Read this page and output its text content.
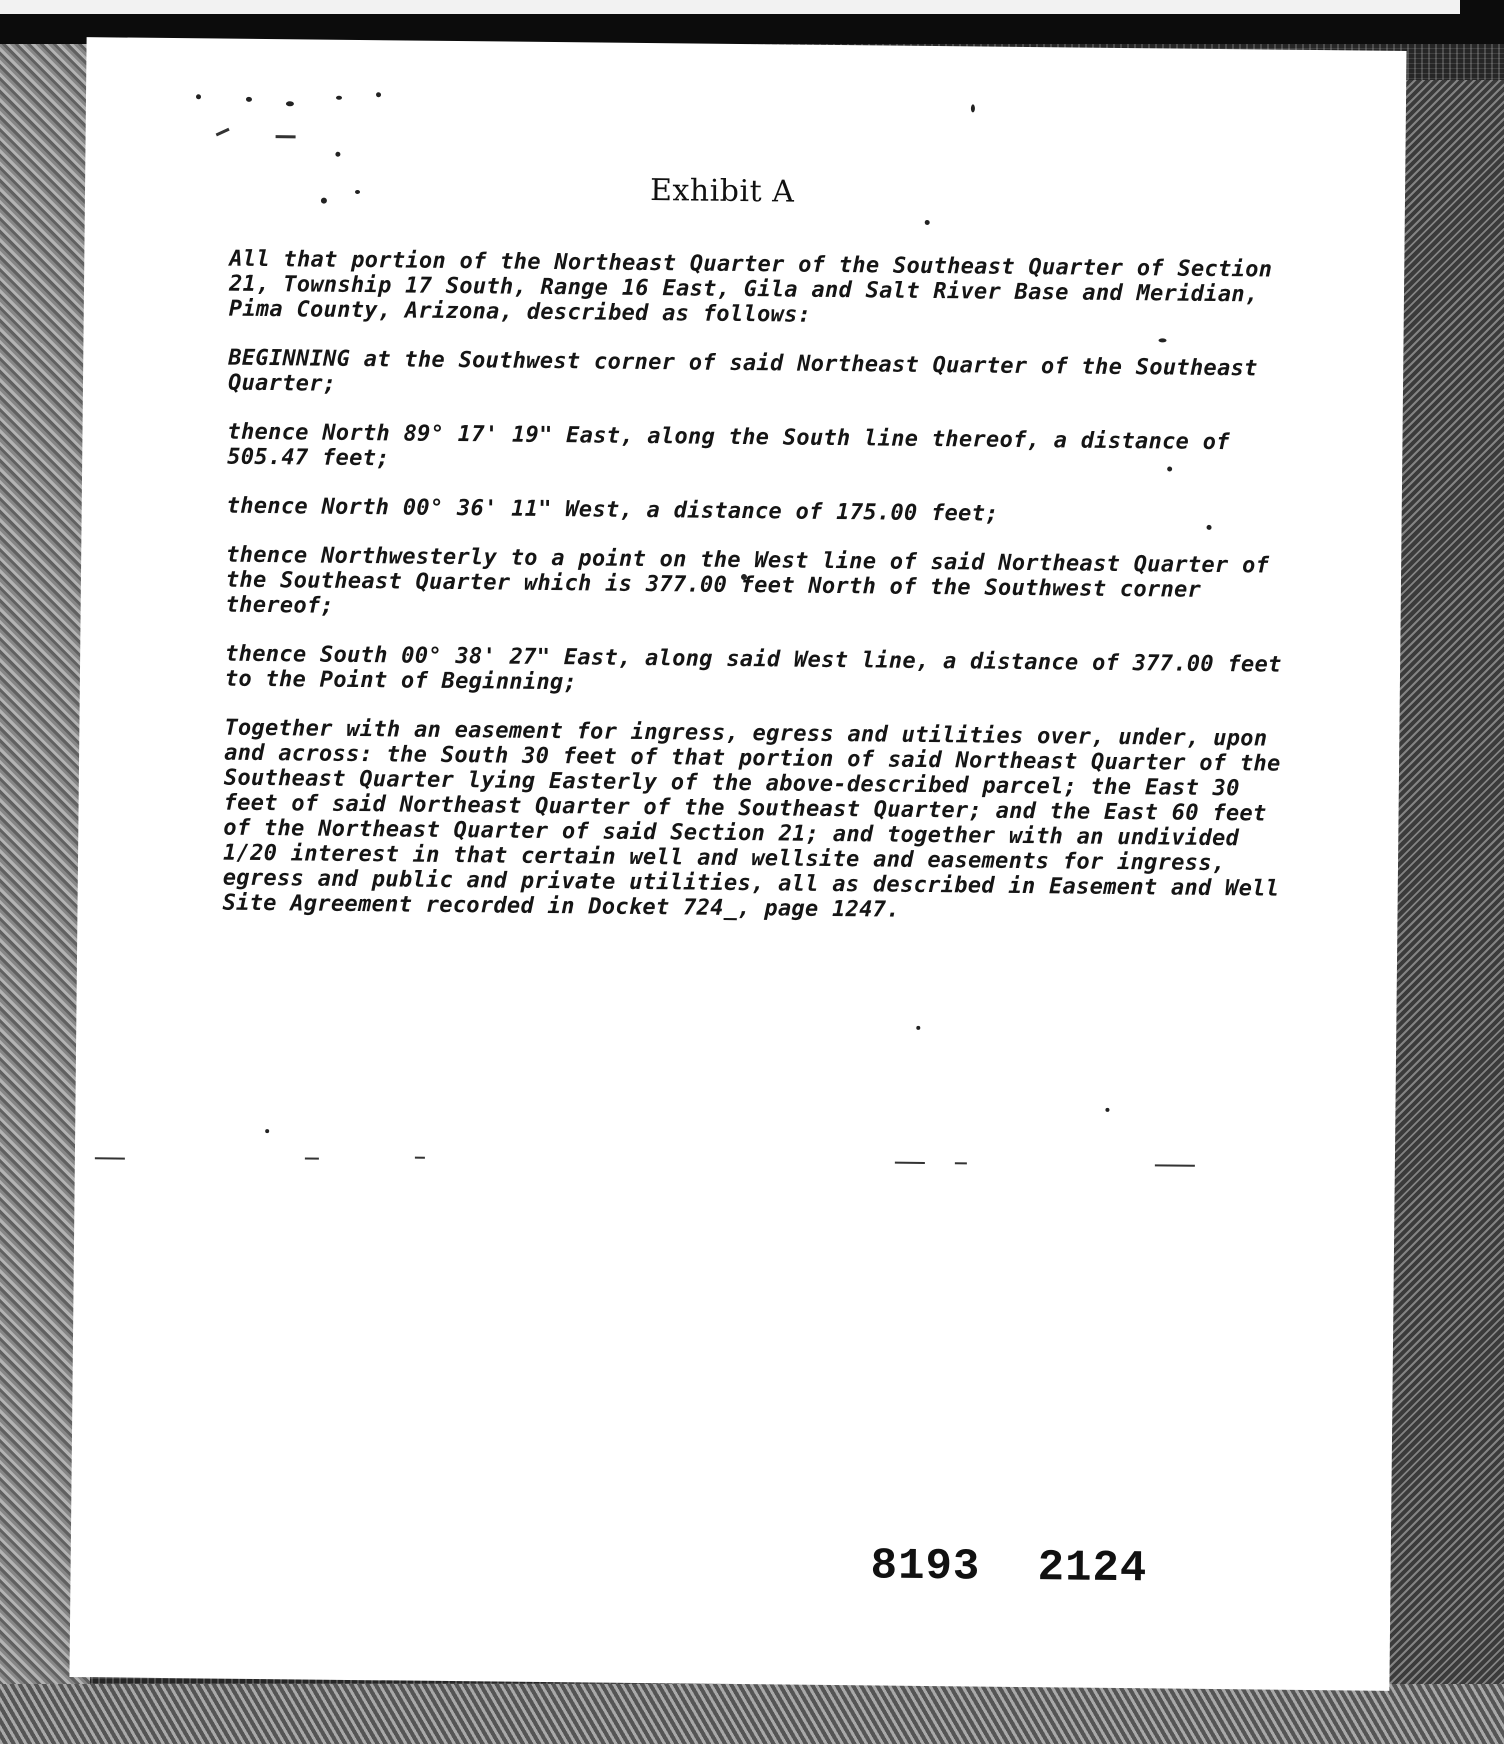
Exhibit A

All that portion of the Northeast Quarter of the Southeast Quarter of Section 21, Township 17 South, Range 16 East, Gila and Salt River Base and Meridian, Pima County, Arizona, described as follows:

BEGINNING at the Southwest corner of said Northeast Quarter of the Southeast Quarter;

thence North 89° 17' 19" East, along the South line thereof, a distance of 505.47 feet;

thence North 00° 36' 11" West, a distance of 175.00 feet;

thence Northwesterly to a point on the West line of said Northeast Quarter of the Southeast Quarter which is 377.00 feet North of the Southwest corner thereof;

thence South 00° 38' 27" East, along said West line, a distance of 377.00 feet to the Point of Beginning;

Together with an easement for ingress, egress and utilities over, under, upon and across: the South 30 feet of that portion of said Northeast Quarter of the Southeast Quarter lying Easterly of the above-described parcel; the East 30 feet of said Northeast Quarter of the Southeast Quarter; and the East 60 feet of the Northeast Quarter of said Section 21; and together with an undivided 1/20 interest in that certain well and wellsite and easements for ingress, egress and public and private utilities, all as described in Easement and Well Site Agreement recorded in Docket 724_, page 1247.

8193 2124
